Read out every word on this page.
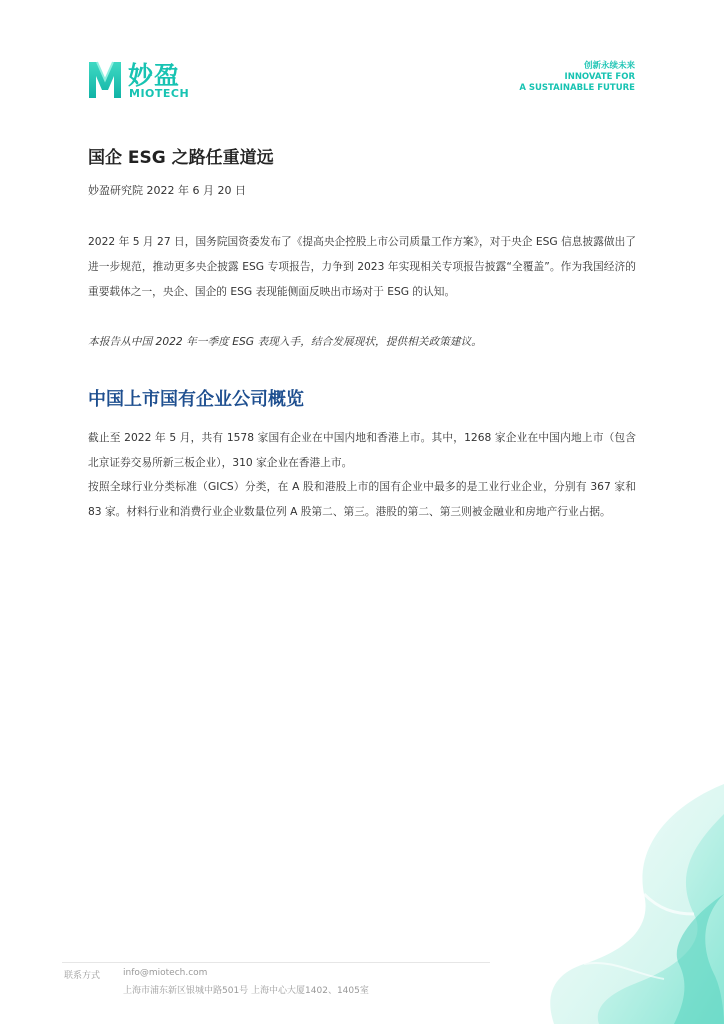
妙盈
MIOTECH
创新永续未来
INNOVATE FOR
A SUSTAINABLE FUTURE
国企 ESG 之路任重道远
妙盈研究院 2022 年 6 月 20 日
2022 年 5 月 27 日，国务院国资委发布了《提高央企控股上市公司质量工作方案》，对于央企 ESG 信息披露做出了进一步规范，推动更多央企披露 ESG 专项报告，力争到 2023 年实现相关专项报告披露“全覆盖”。作为我国经济的重要载体之一，央企、国企的 ESG 表现能侧面反映出市场对于 ESG 的认知。
本报告从中国 2022 年一季度 ESG 表现入手，结合发展现状，提供相关政策建议。
中国上市国有企业公司概览
截止至 2022 年 5 月，共有 1578 家国有企业在中国内地和香港上市。其中，1268 家企业在中国内地上市（包含北京证券交易所新三板企业），310 家企业在香港上市。
按照全球行业分类标准（GICS）分类，在 A 股和港股上市的国有企业中最多的是工业行业企业，分别有 367 家和 83 家。材料行业和消费行业企业数量位列 A 股第二、第三。港股的第二、第三则被金融业和房地产行业占据。
联系方式	info@miotech.com
上海市浦东新区银城中路501号 上海中心大厦1402、1405室
